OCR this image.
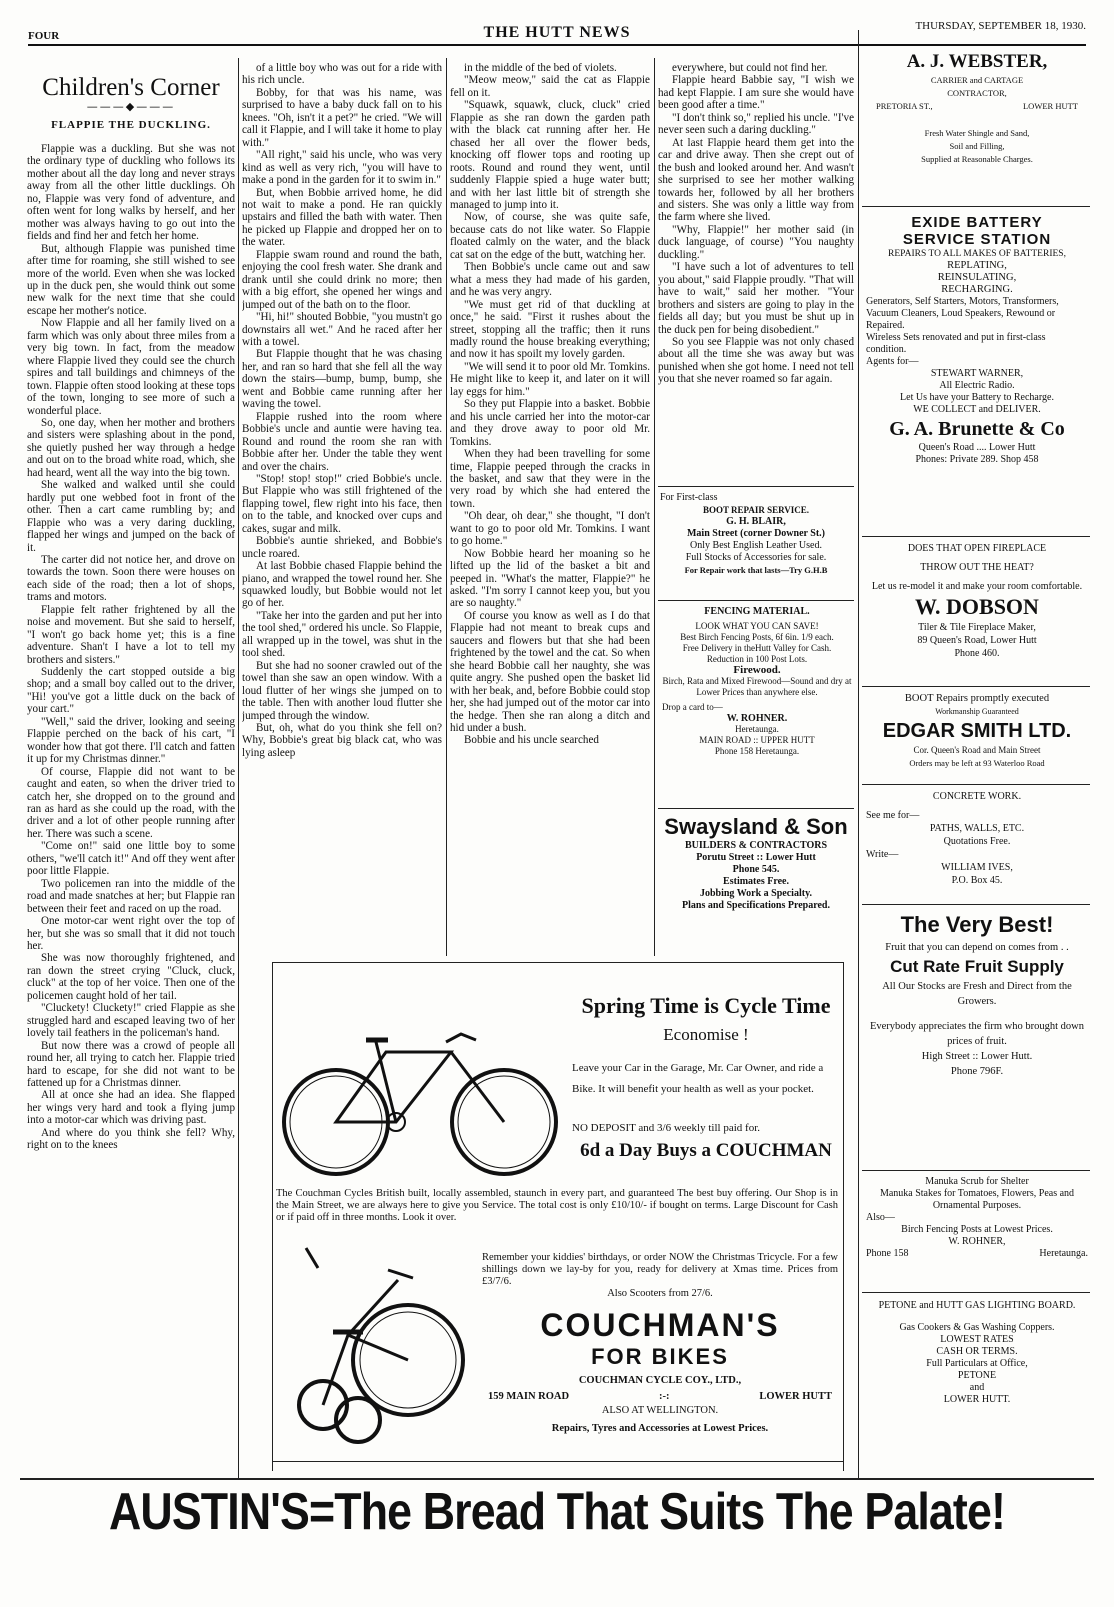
FOUR	THE HUTT NEWS	THURSDAY, SEPTEMBER 18, 1930.
Children's Corner
———◆———
FLAPPIE THE DUCKLING.

Flappie was a duckling. But she was not the ordinary type of duckling who follows its mother about all the day long and never strays away from all the other little ducklings. Oh no, Flappie was very fond of adventure, and often went for long walks by herself, and her mother was always having to go out into the fields and find her and fetch her home.

But, although Flappie was punished time after time for roaming, she still wished to see more of the world. Even when she was locked up in the duck pen, she would think out some new walk for the next time that she could escape her mother's notice.

Now Flappie and all her family lived on a farm which was only about three miles from a very big town. In fact, from the meadow where Flappie lived they could see the church spires and tall buildings and chimneys of the town. Flappie often stood looking at these tops of the town, longing to see more of such a wonderful place.

So, one day, when her mother and brothers and sisters were splashing about in the pond, she quietly pushed her way through a hedge and out on to the broad white road, which, she had heard, went all the way into the big town.

She walked and walked until she could hardly put one webbed foot in front of the other. Then a cart came rumbling by; and Flappie who was a very daring duckling, flapped her wings and jumped on the back of it.

The carter did not notice her, and drove on towards the town. Soon there were houses on each side of the road; then a lot of shops, trams and motors.

Flappie felt rather frightened by all the noise and movement. But she said to herself, "I won't go back home yet; this is a fine adventure. Shan't I have a lot to tell my brothers and sisters."

Suddenly the cart stopped outside a big shop; and a small boy called out to the driver, "Hi! you've got a little duck on the back of your cart."

"Well," said the driver, looking and seeing Flappie perched on the back of his cart, "I wonder how that got there. I'll catch and fatten it up for my Christmas dinner."

Of course, Flappie did not want to be caught and eaten, so when the driver tried to catch her, she dropped on to the ground and ran as hard as she could up the road, with the driver and a lot of other people running after her. There was such a scene.

"Come on!" said one little boy to some others, "we'll catch it!" And off they went after poor little Flappie.

Two policemen ran into the middle of the road and made snatches at her; but Flappie ran between their feet and raced on up the road.

One motor-car went right over the top of her, but she was so small that it did not touch her.

She was now thoroughly frightened, and ran down the street crying "Cluck, cluck, cluck" at the top of her voice. Then one of the policemen caught hold of her tail.

"Cluckety! Cluckety!" cried Flappie as she struggled hard and escaped leaving two of her lovely tail feathers in the policeman's hand.

But now there was a crowd of people all round her, all trying to catch her. Flappie tried hard to escape, for she did not want to be fattened up for a Christmas dinner.

All at once she had an idea. She flapped her wings very hard and took a flying jump into a motor-car which was driving past.

And where do you think she fell? Why, right on to the knees

of a little boy who was out for a ride with his rich uncle.

Bobby, for that was his name, was surprised to have a baby duck fall on to his knees. "Oh, isn't it a pet?" he cried. "We will call it Flappie, and I will take it home to play with."

"All right," said his uncle, who was very kind as well as very rich, "you will have to make a pond in the garden for it to swim in."

But, when Bobbie arrived home, he did not wait to make a pond. He ran quickly upstairs and filled the bath with water. Then he picked up Flappie and dropped her on to the water.

Flappie swam round and round the bath, enjoying the cool fresh water. She drank and drank until she could drink no more; then with a big effort, she opened her wings and jumped out of the bath on to the floor.

"Hi, hi!" shouted Bobbie, "you mustn't go downstairs all wet." And he raced after her with a towel.

But Flappie thought that he was chasing her, and ran so hard that she fell all the way down the stairs—bump, bump, bump, she went and Bobbie came running after her waving the towel.

Flappie rushed into the room where Bobbie's uncle and auntie were having tea. Round and round the room she ran with Bobbie after her. Under the table they went and over the chairs.

"Stop! stop! stop!" cried Bobbie's uncle. But Flappie who was still frightened of the flapping towel, flew right into his face, then on to the table, and knocked over cups and cakes, sugar and milk.

Bobbie's auntie shrieked, and Bobbie's uncle roared.

At last Bobbie chased Flappie behind the piano, and wrapped the towel round her. She squawked loudly, but Bobbie would not let go of her.

"Take her into the garden and put her into the tool shed," ordered his uncle. So Flappie, all wrapped up in the towel, was shut in the tool shed.

But she had no sooner crawled out of the towel than she saw an open window. With a loud flutter of her wings she jumped on to the table. Then with another loud flutter she jumped through the window.

But, oh, what do you think she fell on? Why, Bobbie's great big black cat, who was lying asleep

in the middle of the bed of violets.

"Meow meow," said the cat as Flappie fell on it.

"Squawk, squawk, cluck, cluck" cried Flappie as she ran down the garden path with the black cat running after her. He chased her all over the flower beds, knocking off flower tops and rooting up roots. Round and round they went, until suddenly Flappie spied a huge water butt; and with her last little bit of strength she managed to jump into it.

Now, of course, she was quite safe, because cats do not like water. So Flappie floated calmly on the water, and the black cat sat on the edge of the butt, watching her.

Then Bobbie's uncle came out and saw what a mess they had made of his garden, and he was very angry.

"We must get rid of that duckling at once," he said. "First it rushes about the street, stopping all the traffic; then it runs madly round the house breaking everything; and now it has spoilt my lovely garden.

"We will send it to poor old Mr. Tomkins. He might like to keep it, and later on it will lay eggs for him."

So they put Flappie into a basket. Bobbie and his uncle carried her into the motor-car and they drove away to poor old Mr. Tomkins.

When they had been travelling for some time, Flappie peeped through the cracks in the basket, and saw that they were in the very road by which she had entered the town.

"Oh dear, oh dear," she thought, "I don't want to go to poor old Mr. Tomkins. I want to go home."

Now Bobbie heard her moaning so he lifted up the lid of the basket a bit and peeped in. "What's the matter, Flappie?" he asked. "I'm sorry I cannot keep you, but you are so naughty."

Of course you know as well as I do that Flappie had not meant to break cups and saucers and flowers but that she had been frightened by the towel and the cat. So when she heard Bobbie call her naughty, she was quite angry. She pushed open the basket lid with her beak, and, before Bobbie could stop her, she had jumped out of the motor car into the hedge. Then she ran along a ditch and hid under a bush.

Bobbie and his uncle searched

everywhere, but could not find her.

Flappie heard Babbie say, "I wish we had kept Flappie. I am sure she would have been good after a time."

"I don't think so," replied his uncle. "I've never seen such a daring duckling."

At last Flappie heard them get into the car and drive away. Then she crept out of the bush and looked around her. And wasn't she surprised to see her mother walking towards her, followed by all her brothers and sisters. She was only a little way from the farm where she lived.

"Why, Flappie!" her mother said (in duck language, of course) "You naughty duckling."

"I have such a lot of adventures to tell you about," said Flappie proudly. "That will have to wait," said her mother. "Your brothers and sisters are going to play in the fields all day; but you must be shut up in the duck pen for being disobedient."

So you see Flappie was not only chased about all the time she was away but was punished when she got home. I need not tell you that she never roamed so far again.

For First-class
BOOT REPAIR SERVICE.
G. H. BLAIR,
Main Street (corner Downer St.)
Only Best English Leather Used.
Full Stocks of Accessories for sale.
For Repair work that lasts—Try G.H.B
FENCING MATERIAL.
LOOK WHAT YOU CAN SAVE!
Best Birch Fencing Posts, 6f 6in. 1/9 each.
Free Delivery in theHutt Valley for Cash.
Reduction in 100 Post Lots.
Firewood.
Birch, Rata and Mixed Firewood—Sound and dry at Lower Prices than anywhere else.
Drop a card to—
W. ROHNER.
Heretaunga.
MAIN ROAD :: UPPER HUTT
Phone 158 Heretaunga.
Swaysland & Son
BUILDERS & CONTRACTORS
Porutu Street :: Lower Hutt
Phone 545.
Estimates Free.
Jobbing Work a Specialty.
Plans and Specifications Prepared.
A. J. WEBSTER,
CARRIER and CARTAGE
CONTRACTOR,
PRETORIA ST.,	LOWER HUTT
Fresh Water Shingle and Sand,
Soil and Filling,
Supplied at Reasonable Charges.
EXIDE BATTERY
SERVICE STATION
REPAIRS TO ALL MAKES OF BATTERIES,
REPLATING,
REINSULATING,
RECHARGING.
Generators, Self Starters, Motors, Transformers, Vacuum Cleaners, Loud Speakers, Rewound or Repaired.
Wireless Sets renovated and put in first-class condition.
Agents for—
STEWART WARNER,
All Electric Radio.
Let Us have your Battery to Recharge.
WE COLLECT and DELIVER.
G. A. Brunette & Co
Queen's Road .... Lower Hutt
Phones: Private 289. Shop 458
DOES THAT OPEN FIREPLACE
THROW OUT THE HEAT?
Let us re-model it and make your room comfortable.
W. DOBSON
Tiler & Tile Fireplace Maker,
89 Queen's Road, Lower Hutt
Phone 460.
BOOT Repairs promptly executed
Workmanship Guaranteed
EDGAR SMITH LTD.
Cor. Queen's Road and Main Street
Orders may be left at 93 Waterloo Road
CONCRETE WORK.
See me for—
PATHS, WALLS, ETC.
Quotations Free.
Write—
WILLIAM IVES,
P.O. Box 45.
The Very Best!
Fruit that you can depend on comes from . .
Cut Rate Fruit Supply
All Our Stocks are Fresh and Direct from the Growers.
Everybody appreciates the firm who brought down prices of fruit.
High Street :: Lower Hutt.
Phone 796F.
Manuka Scrub for Shelter
Manuka Stakes for Tomatoes, Flowers, Peas and Ornamental Purposes.
Also—
Birch Fencing Posts at Lowest Prices.
W. ROHNER,
Phone 158	Heretaunga.
PETONE and HUTT GAS LIGHTING BOARD.
Gas Cookers & Gas Washing Coppers.
LOWEST RATES
CASH OR TERMS.
Full Particulars at Office,
PETONE
and
LOWER HUTT.
Spring Time is Cycle Time
Economise !
Leave your Car in the Garage, Mr. Car Owner, and ride a Bike. It will benefit your health as well as your pocket.
NO DEPOSIT and 3/6 weekly till paid for.
6d a Day Buys a COUCHMAN
The Couchman Cycles British built, locally assembled, staunch in every part, and guaranteed The best buy offering. Our Shop is in the Main Street, we are always here to give you Service. The total cost is only £10/10/- if bought on terms. Large Discount for Cash or if paid off in three months. Look it over.
Remember your kiddies' birthdays, or order NOW the Christmas Tricycle. For a few shillings down we lay-by for you, ready for delivery at Xmas time. Prices from £3/7/6.
Also Scooters from 27/6.
COUCHMAN'S
FOR BIKES
COUCHMAN CYCLE COY., LTD.,
159 MAIN ROAD	:-:	LOWER HUTT
ALSO AT WELLINGTON.
Repairs, Tyres and Accessories at Lowest Prices.
AUSTIN'S=The Bread That Suits The Palate!
